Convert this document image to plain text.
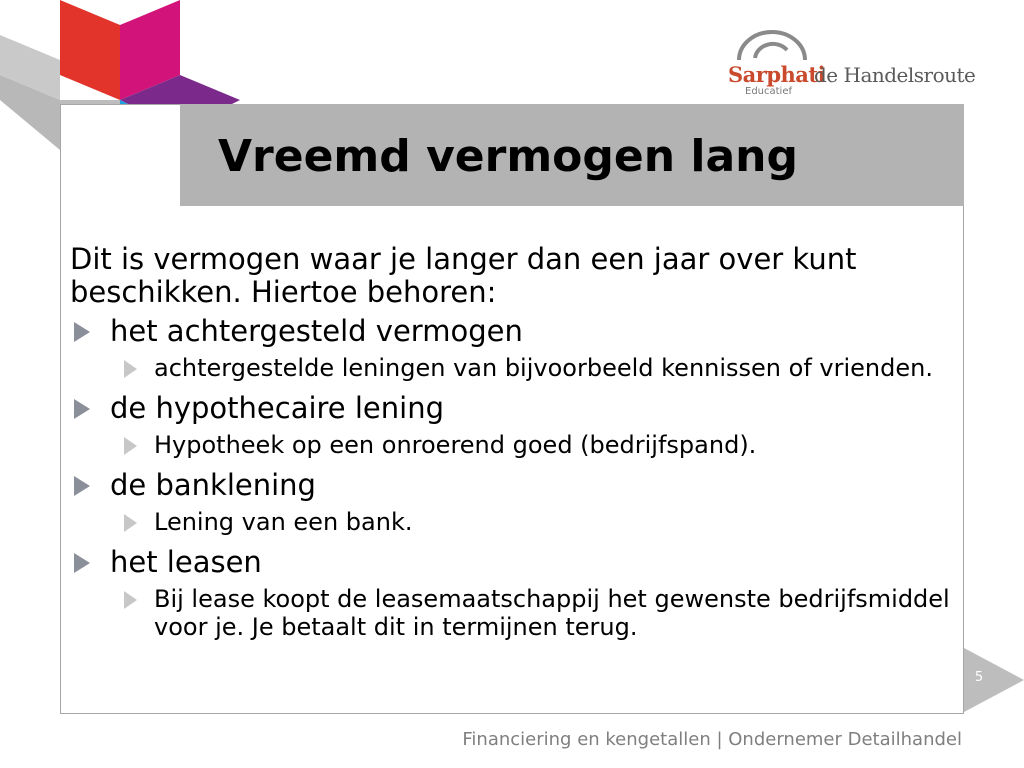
Sarphati
de Handelsroute
Educatief
Vreemd vermogen lang

Dit is vermogen waar je langer dan een jaar over kunt beschikken. Hiertoe behoren:

het achtergesteld vermogen
achtergestelde leningen van bijvoorbeeld kennissen of vrienden.
de hypothecaire lening
Hypotheek op een onroerend goed (bedrijfspand).
de banklening
Lening van een bank.
het leasen
Bij lease koopt de leasemaatschappij het gewenste bedrijfsmiddel voor je. Je betaalt dit in termijnen terug.
5
Financiering en kengetallen | Ondernemer Detailhandel
